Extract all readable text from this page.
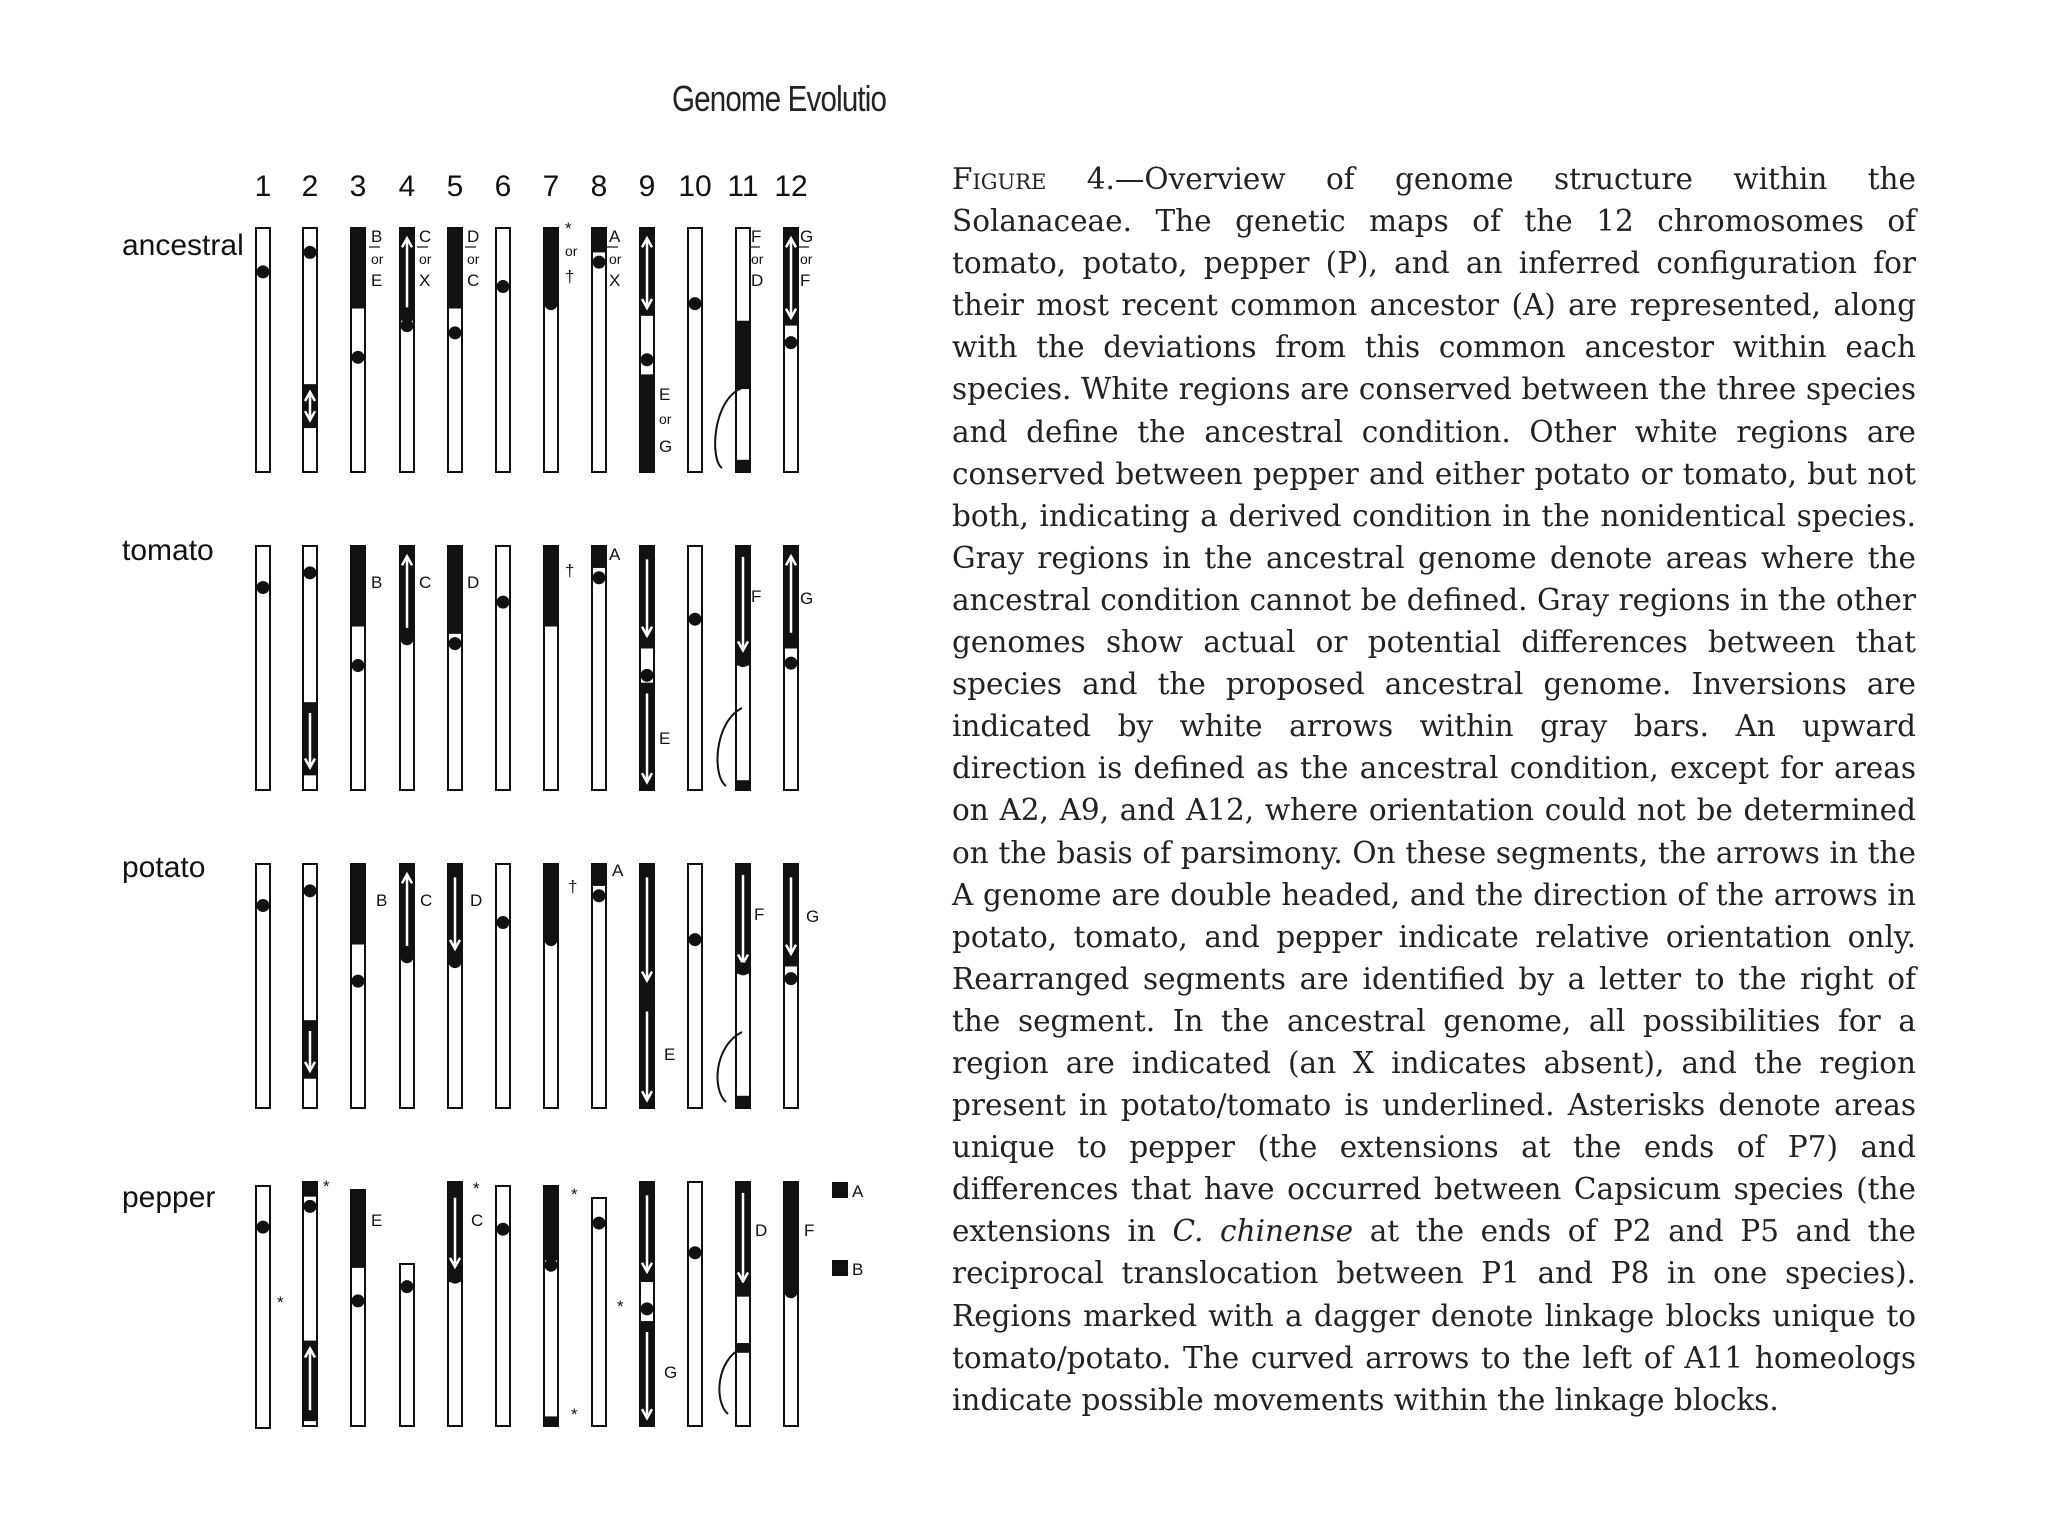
Genome Evolutio
1 2 3 4 5 6 7 8 9 10 11 12
ancestral
tomato
potato
pepper
B
or
E
C
or
X
D
or
C
*
or
†
A
or
X
E
or
G
F
or
D
G
or
F
B C D
†
A
E
F G
B C D
†
A
E
F G
*
E
*
C
*
*
*	*
G
D F
A
B
Figure 4.—Overview of genome structure within the Solanaceae. The genetic maps of the 12 chromosomes of tomato, potato, pepper (P), and an inferred configuration for their most recent common ancestor (A) are represented, along with the deviations from this common ancestor within each species. White regions are conserved between the three species and define the ancestral condition. Other white regions are conserved between pepper and either potato or tomato, but not both, indicating a derived condition in the nonidentical species. Gray regions in the ancestral genome denote areas where the ancestral condition cannot be defined. Gray regions in the other genomes show actual or potential differences between that species and the proposed ancestral genome. Inversions are indicated by white arrows within gray bars. An upward direction is defined as the ancestral condition, except for areas on A2, A9, and A12, where orientation could not be determined on the basis of parsimony. On these segments, the arrows in the A genome are double headed, and the direction of the arrows in potato, tomato, and pepper indicate relative orientation only. Rearranged segments are identified by a letter to the right of the segment. In the ancestral genome, all possibilities for a region are indicated (an X indicates absent), and the region present in potato/tomato is underlined. Asterisks denote areas unique to pepper (the extensions at the ends of P7) and differences that have occurred between Capsicum species (the extensions in C. chinense at the ends of P2 and P5 and the reciprocal translocation between P1 and P8 in one species). Regions marked with a dagger denote linkage blocks unique to tomato/potato. The curved arrows to the left of A11 homeologs indicate possible movements within the linkage blocks.
